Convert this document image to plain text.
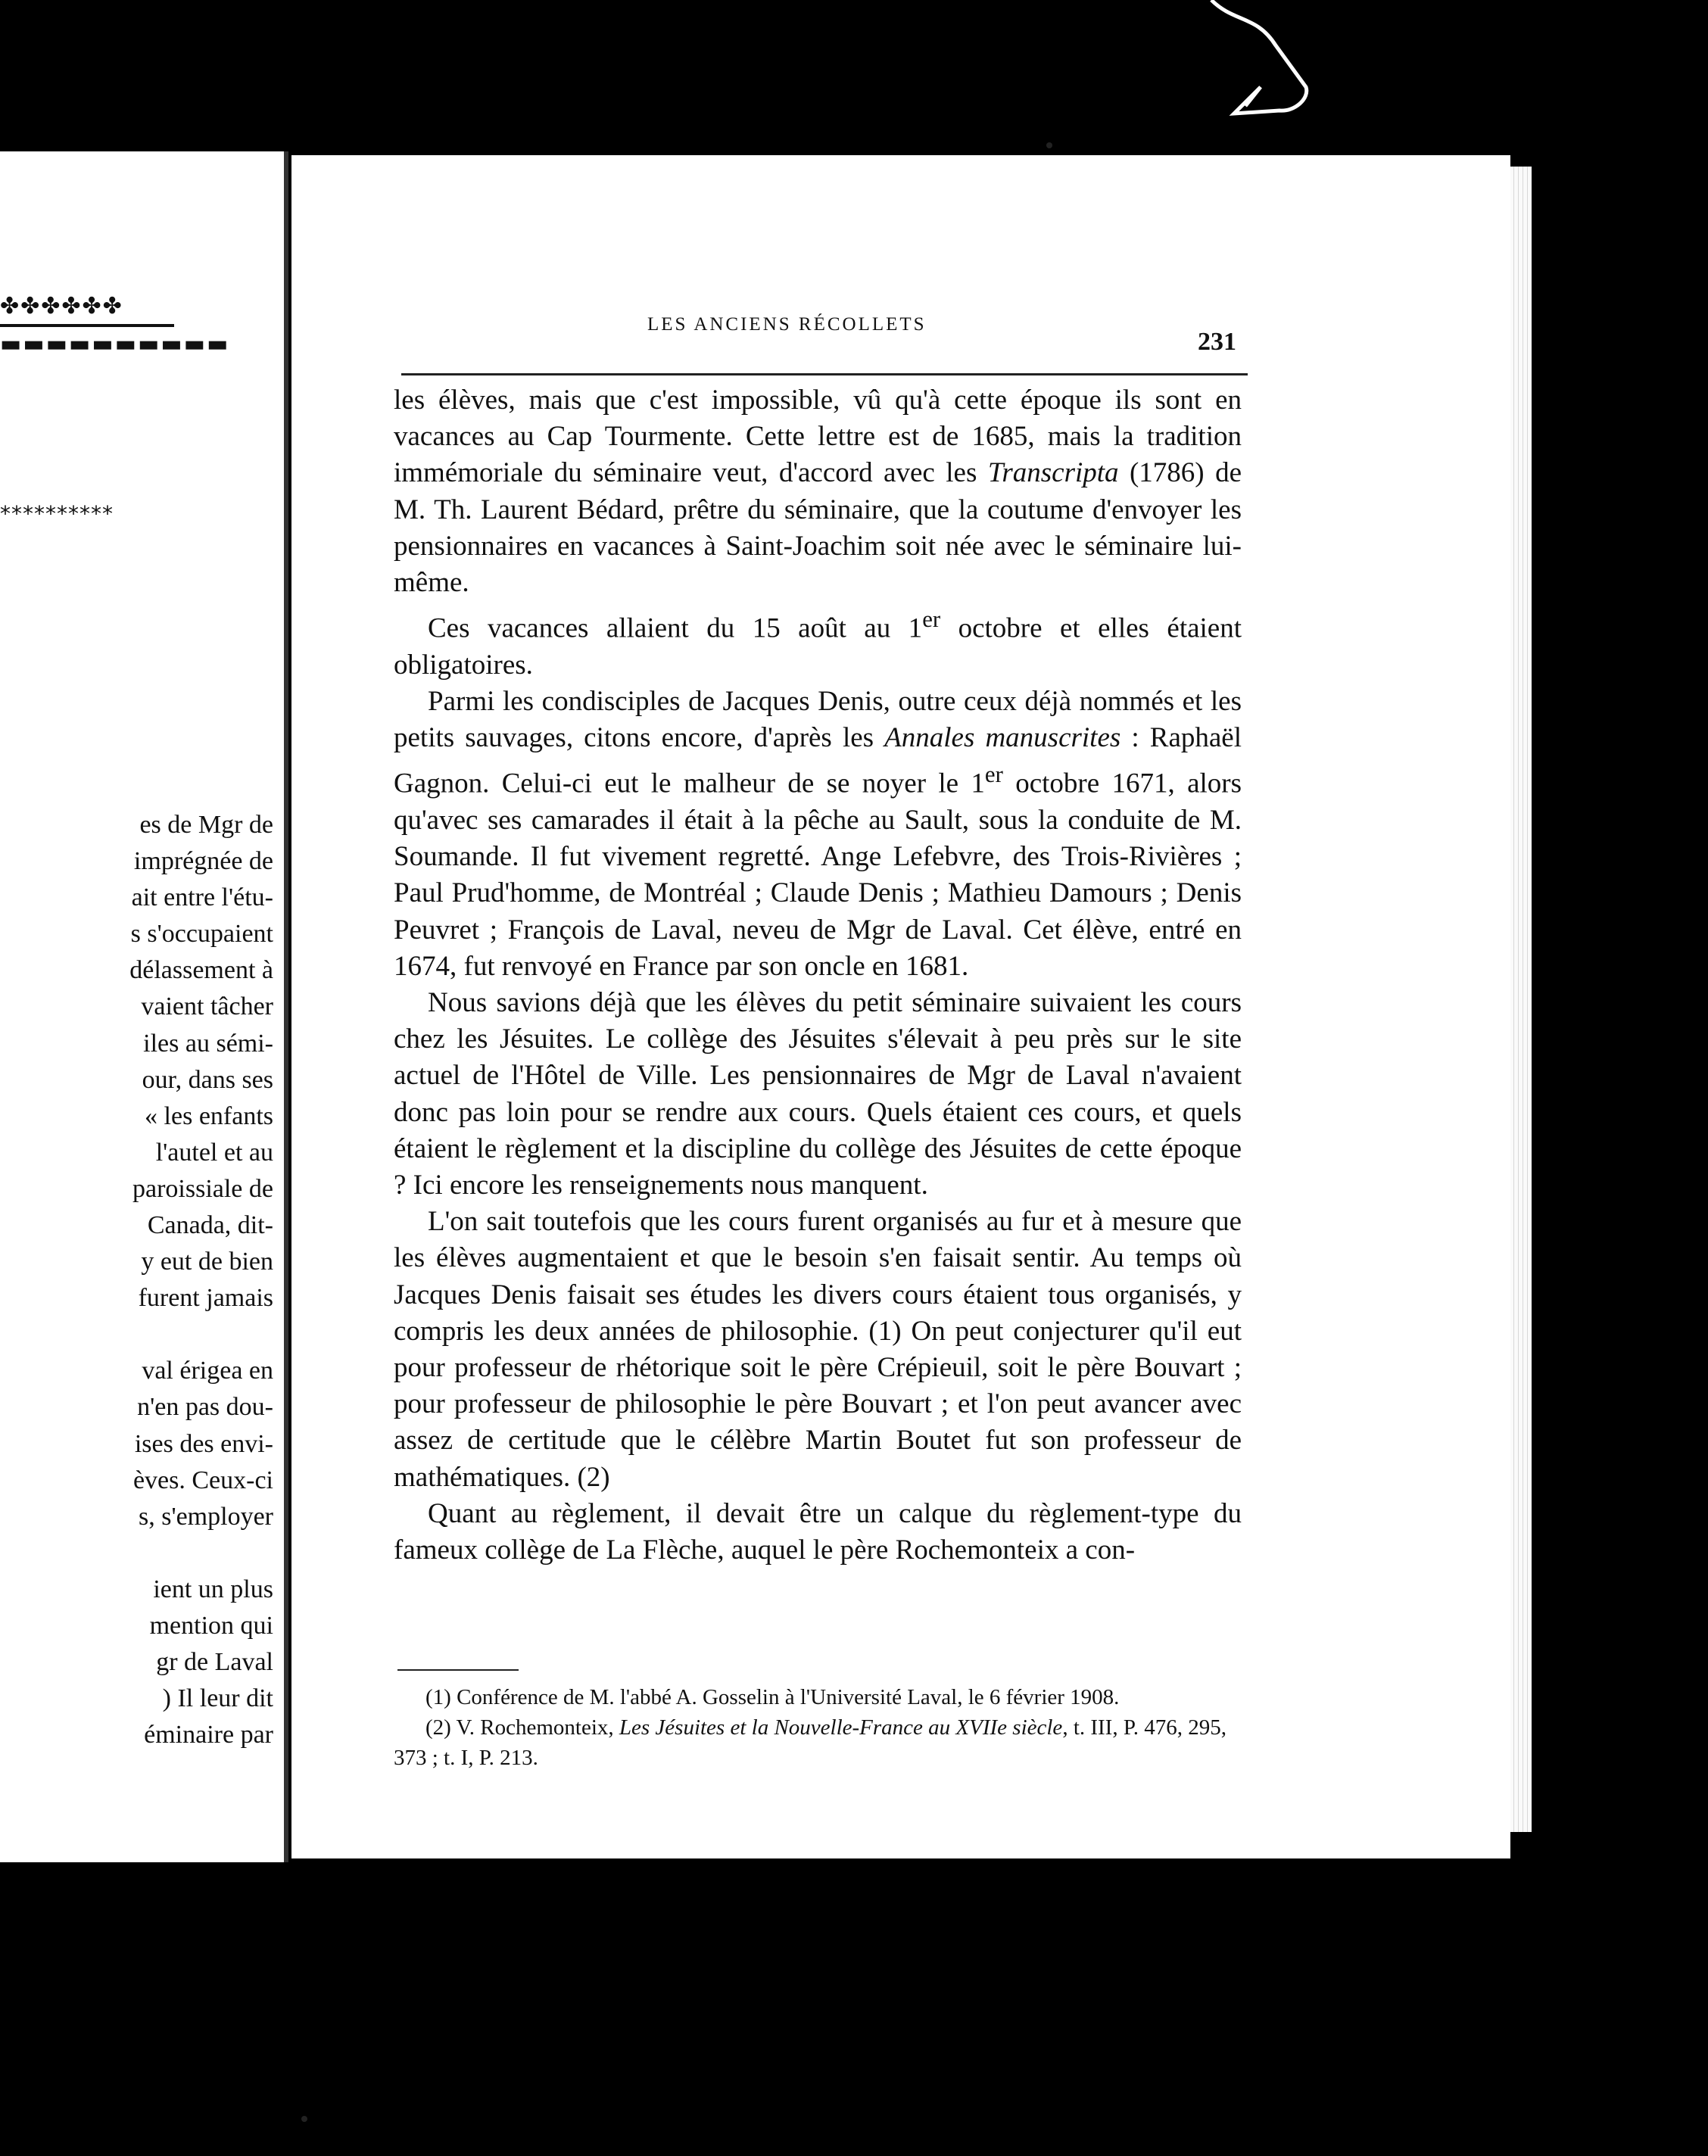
✤✤✤✤✤✤
▬▬▬▬▬▬▬▬▬▬
**********
es de Mgr de
imprégnée de
ait entre l'étu-
s s'occupaient
délassement à
vaient tâcher
iles au sémi-
our, dans ses
« les enfants
l'autel et au
paroissiale de
Canada, dit-
y eut de bien
furent jamais
val érigea en
n'en pas dou-
ises des envi-
èves. Ceux-ci
s, s'employer
ient un plus
mention qui
gr de Laval
) Il leur dit
éminaire par
LES ANCIENS RÉCOLLETS
231

les élèves, mais que c'est impossible, vû qu'à cette époque ils sont en vacances au Cap Tourmente. Cette lettre est de 1685, mais la tradition immémoriale du séminaire veut, d'accord avec les Transcripta (1786) de M. Th. Laurent Bédard, prêtre du séminaire, que la coutume d'envoyer les pensionnaires en vacances à Saint-Joachim soit née avec le séminaire lui-même.

Ces vacances allaient du 15 août au 1er octobre et elles étaient obligatoires.

Parmi les condisciples de Jacques Denis, outre ceux déjà nommés et les petits sauvages, citons encore, d'après les Annales manuscrites : Raphaël Gagnon. Celui-ci eut le malheur de se noyer le 1er octobre 1671, alors qu'avec ses camarades il était à la pêche au Sault, sous la conduite de M. Soumande. Il fut vivement regretté. Ange Lefebvre, des Trois-Rivières ; Paul Prud'homme, de Montréal ; Claude Denis ; Mathieu Damours ; Denis Peuvret ; François de Laval, neveu de Mgr de Laval. Cet élève, entré en 1674, fut renvoyé en France par son oncle en 1681.

Nous savions déjà que les élèves du petit séminaire suivaient les cours chez les Jésuites. Le collège des Jésuites s'élevait à peu près sur le site actuel de l'Hôtel de Ville. Les pensionnaires de Mgr de Laval n'avaient donc pas loin pour se rendre aux cours. Quels étaient ces cours, et quels étaient le règlement et la discipline du collège des Jésuites de cette époque ? Ici encore les renseignements nous manquent.

L'on sait toutefois que les cours furent organisés au fur et à mesure que les élèves augmentaient et que le besoin s'en faisait sentir. Au temps où Jacques Denis faisait ses études les divers cours étaient tous organisés, y compris les deux années de philosophie. (1) On peut conjecturer qu'il eut pour professeur de rhétorique soit le père Crépieuil, soit le père Bouvart ; pour professeur de philosophie le père Bouvart ; et l'on peut avancer avec assez de certitude que le célèbre Martin Boutet fut son professeur de mathématiques. (2)

Quant au règlement, il devait être un calque du règlement-type du fameux collège de La Flèche, auquel le père Rochemonteix a con-

(1) Conférence de M. l'abbé A. Gosselin à l'Université Laval, le 6 février 1908.

(2) V. Rochemonteix, Les Jésuites et la Nouvelle-France au XVIIe siècle, t. III, P. 476, 295, 373 ; t. I, P. 213.
